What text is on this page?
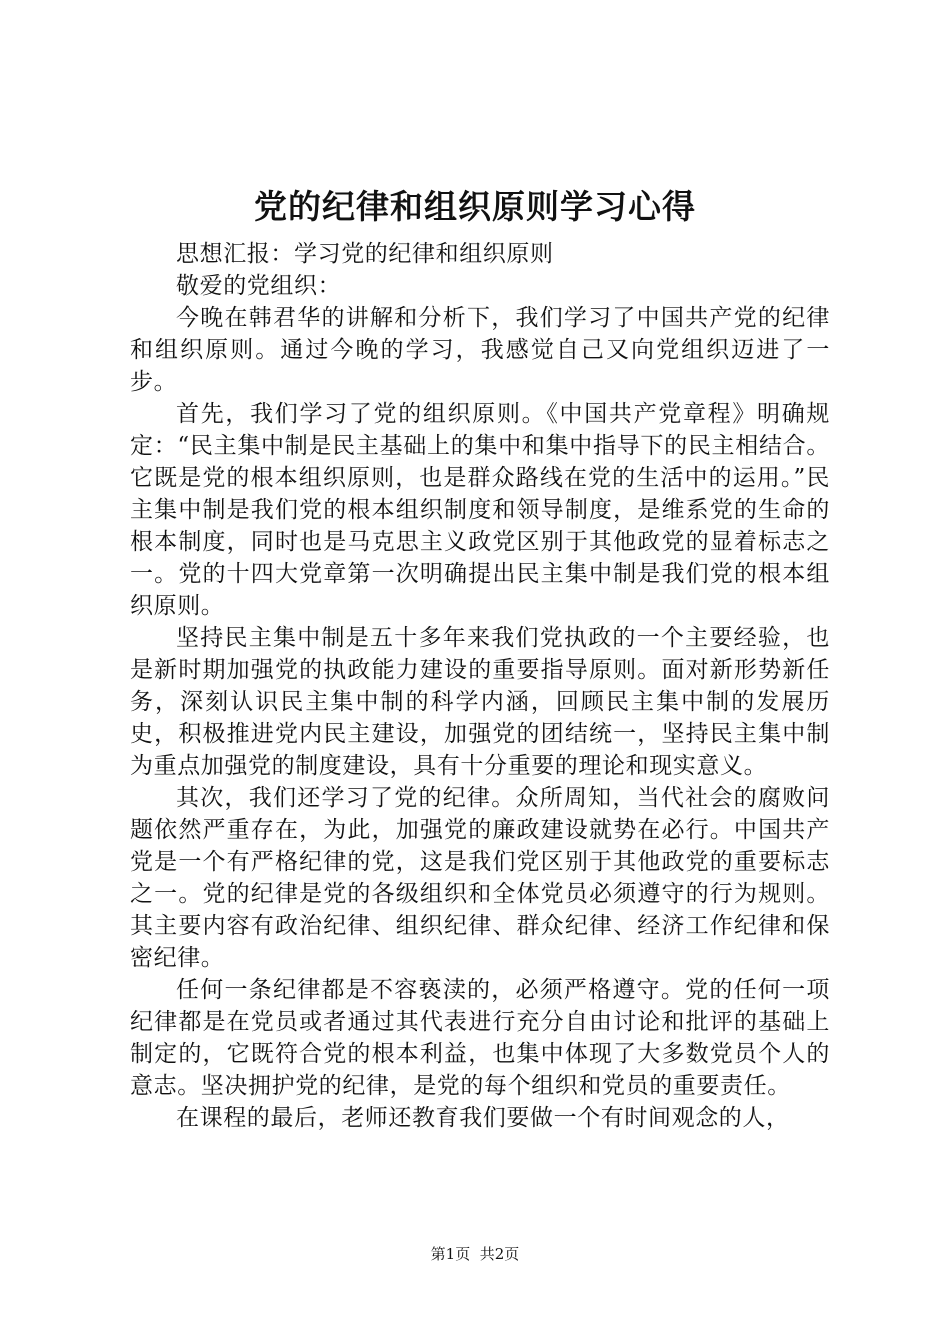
党的纪律和组织原则学习心得

思想汇报：学习党的纪律和组织原则

敬爱的党组织：

今晚在韩君华的讲解和分析下，我们学习了中国共产党的纪律和组织原则。通过今晚的学习，我感觉自己又向党组织迈进了一步。

首先，我们学习了党的组织原则。《中国共产党章程》明确规定：“民主集中制是民主基础上的集中和集中指导下的民主相结合。它既是党的根本组织原则，也是群众路线在党的生活中的运用。”民主集中制是我们党的根本组织制度和领导制度，是维系党的生命的根本制度，同时也是马克思主义政党区别于其他政党的显着标志之一。党的十四大党章第一次明确提出民主集中制是我们党的根本组织原则。

坚持民主集中制是五十多年来我们党执政的一个主要经验，也是新时期加强党的执政能力建设的重要指导原则。面对新形势新任务，深刻认识民主集中制的科学内涵，回顾民主集中制的发展历史，积极推进党内民主建设，加强党的团结统一，坚持民主集中制为重点加强党的制度建设，具有十分重要的理论和现实意义。

其次，我们还学习了党的纪律。众所周知，当代社会的腐败问题依然严重存在，为此，加强党的廉政建设就势在必行。中国共产党是一个有严格纪律的党，这是我们党区别于其他政党的重要标志之一。党的纪律是党的各级组织和全体党员必须遵守的行为规则。其主要内容有政治纪律、组织纪律、群众纪律、经济工作纪律和保密纪律。

任何一条纪律都是不容亵渎的，必须严格遵守。党的任何一项纪律都是在党员或者通过其代表进行充分自由讨论和批评的基础上制定的，它既符合党的根本利益，也集中体现了大多数党员个人的意志。坚决拥护党的纪律，是党的每个组织和党员的重要责任。

在课程的最后，老师还教育我们要做一个有时间观念的人，

第1页 共2页
